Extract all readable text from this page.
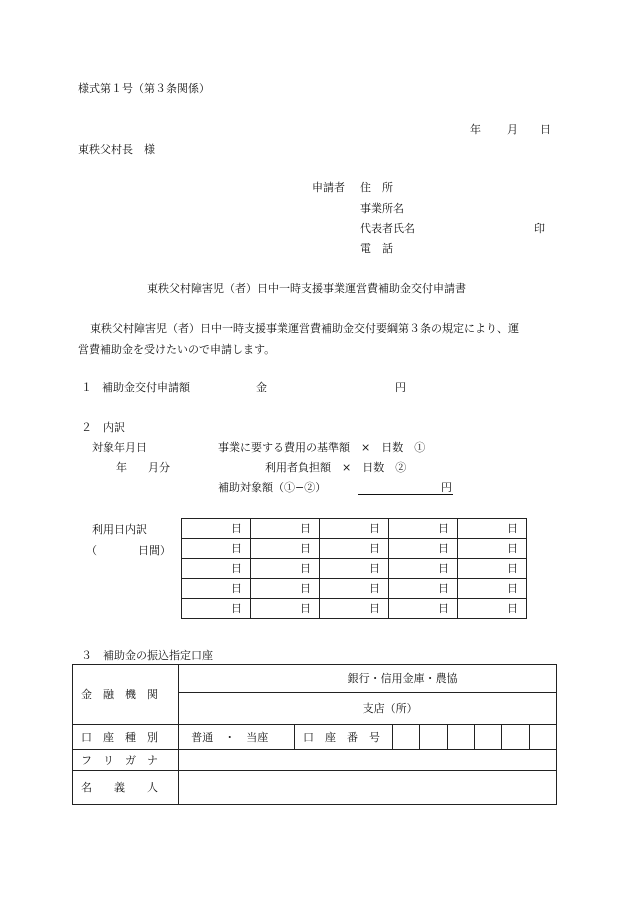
様式第１号（第３条関係）
年 月 日
東秩父村長　様
申請者 住　所
事業所名
代表者氏名	印
電　話
東秩父村障害児（者）日中一時支援事業運営費補助金交付申請書
東秩父村障害児（者）日中一時支援事業運営費補助金交付要綱第３条の規定により、運
営費補助金を受けたいので申請します。
１ 補助金交付申請額	金	円
２　内訳
対象年月日	事業に要する費用の基準額　×　日数　①
年 月分	利用者負担額　×　日数　②
補助対象額（①−②）	円
利用日内訳
（	日間）
日	日	日	日	日
日	日	日	日	日
日	日	日	日	日
日	日	日	日	日
日	日	日	日	日
３　補助金の振込指定口座
金　融　機　関	銀行・信用金庫・農協							
	支店（所）							
口　座　種　別	普通　・　当座	口　座　番　号						
フ　リ　ガ　ナ								
名　　義　　人								
